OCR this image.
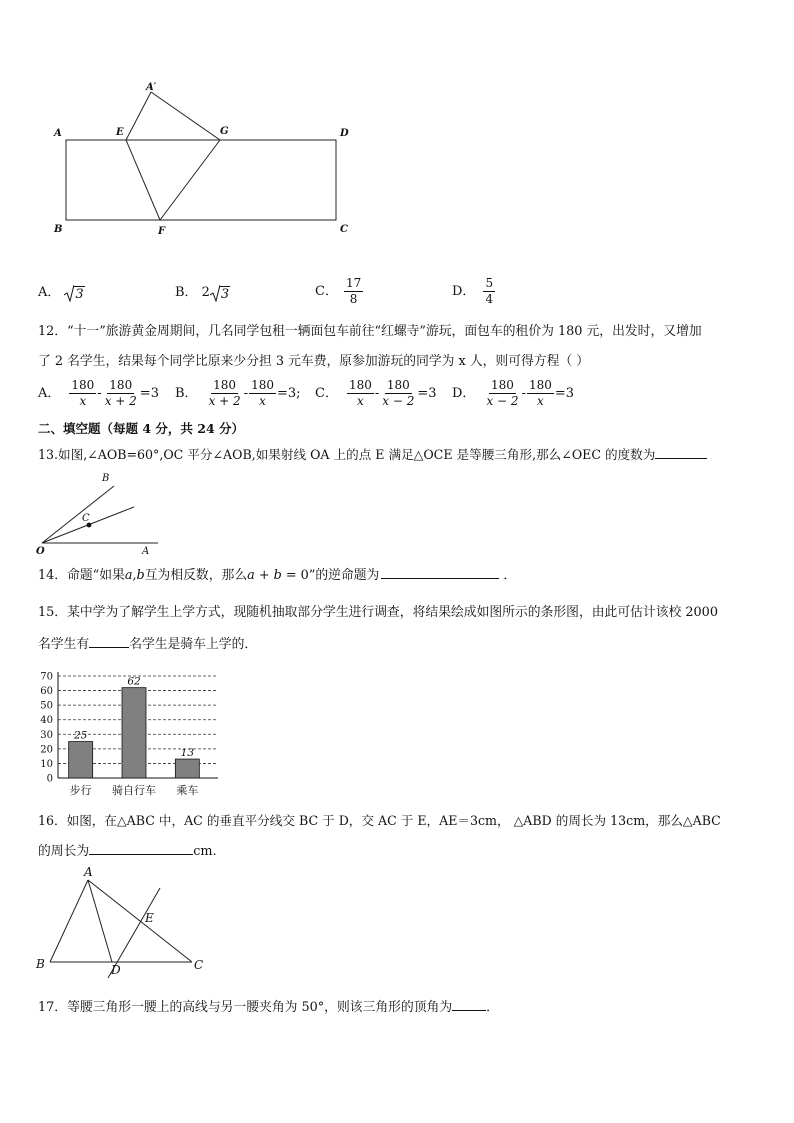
A
A′
E	G	D
B	F	C
A． 3	B． 2 3	C． $\frac{17}{8}$	D． $\frac{5}{4}$
12．“十一”旅游黄金周期间，几名同学包租一辆面包车前往“红螺寺”游玩，面包车的租价为 180 元，出发时，又增加
了 2 名学生，结果每个同学比原来少分担 3 元车费，原参加游玩的同学为 x 人，则可得方程（ ）
A． $\frac{180}{x} - \frac{180}{x + 2} =3$ B． $\frac{180}{x + 2} - \frac{180}{x} =3$; C． $\frac{180}{x} - \frac{180}{x - 2} =3$ D． $\frac{180}{x - 2} - \frac{180}{x} =3$
二、填空题（每题 4 分，共 24 分）
13.如图,∠AOB=60°,OC 平分∠AOB,如果射线 OA 上的点 E 满足△OCE 是等腰三角形,那么∠OEC 的度数为
O	A
B
C
14．命题“如果a,b互为相反数，那么a + b = 0”的逆命题为	．
15．某中学为了解学生上学方式，现随机抽取部分学生进行调查，将结果绘成如图所示的条形图，由此可估计该校 2000
名学生有	名学生是骑车上学的．
0
10
20
30
40
50
60
70
25
步行
62
骑自行车
13
乘车
16．如图，在△ABC 中，AC 的垂直平分线交 BC 于 D，交 AC 于 E，AE＝3cm， △ABD 的周长为 13cm，那么△ABC
的周长为	cm.
A
B	C
D
E
17．等腰三角形一腰上的高线与另一腰夹角为 50°，则该三角形的顶角为	．
